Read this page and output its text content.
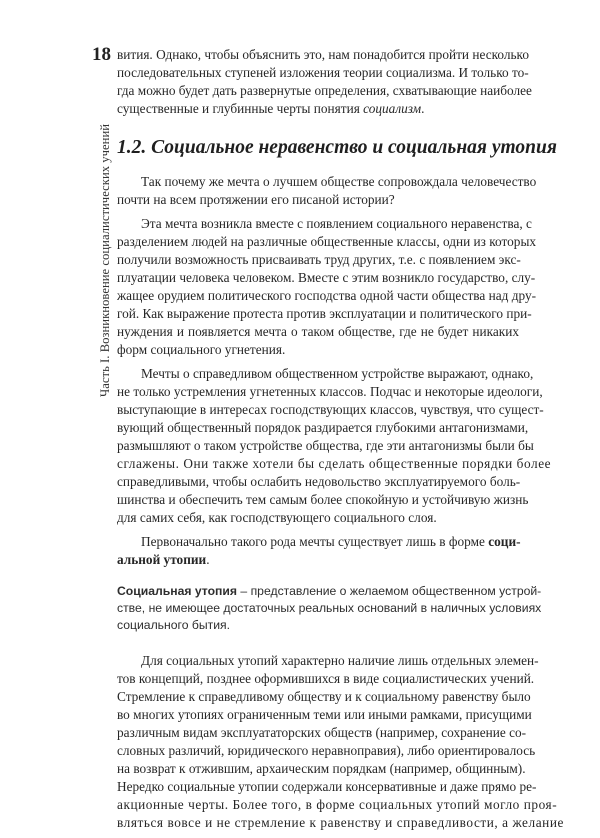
18
Часть I. Возникновение социалистических учений
вития. Однако, чтобы объяснить это, нам понадобится пройти несколько
последовательных ступеней изложения теории социализма. И только то-
гда можно будет дать развернутые определения, схватывающие наиболее
существенные и глубинные черты понятия социализм.
1.2. Социальное неравенство и социальная утопия
Так почему же мечта о лучшем обществе сопровождала человечество
почти на всем протяжении его писаной истории?
Эта мечта возникла вместе с появлением социального неравенства, с
разделением людей на различные общественные классы, одни из которых
получили возможность присваивать труд других, т.е. с появлением экс-
плуатации человека человеком. Вместе с этим возникло государство, слу-
жащее орудием политического господства одной части общества над дру-
гой. Как выражение протеста против эксплуатации и политического при-
нуждения и появляется мечта о таком обществе, где не будет никаких
форм социального угнетения.
Мечты о справедливом общественном устройстве выражают, однако,
не только устремления угнетенных классов. Подчас и некоторые идеологи,
выступающие в интересах господствующих классов, чувствуя, что сущест-
вующий общественный порядок раздирается глубокими антагонизмами,
размышляют о таком устройстве общества, где эти антагонизмы были бы
сглажены. Они также хотели бы сделать общественные порядки более
справедливыми, чтобы ослабить недовольство эксплуатируемого боль-
шинства и обеспечить тем самым более спокойную и устойчивую жизнь
для самих себя, как господствующего социального слоя.
Первоначально такого рода мечты существует лишь в форме соци-
альной утопии.
Социальная утопия – представление о желаемом общественном устрой-
стве, не имеющее достаточных реальных оснований в наличных условиях
социального бытия.
Для социальных утопий характерно наличие лишь отдельных элемен-
тов концепций, позднее оформившихся в виде социалистических учений.
Стремление к справедливому обществу и к социальному равенству было
во многих утопиях ограниченным теми или иными рамками, присущими
различным видам эксплуататорских обществ (например, сохранение со-
словных различий, юридического неравноправия), либо ориентировалось
на возврат к отжившим, архаическим порядкам (например, общинным).
Нередко социальные утопии содержали консервативные и даже прямо ре-
акционные черты. Более того, в форме социальных утопий могло проя-
вляться вовсе и не стремление к равенству и справедливости, а желание
